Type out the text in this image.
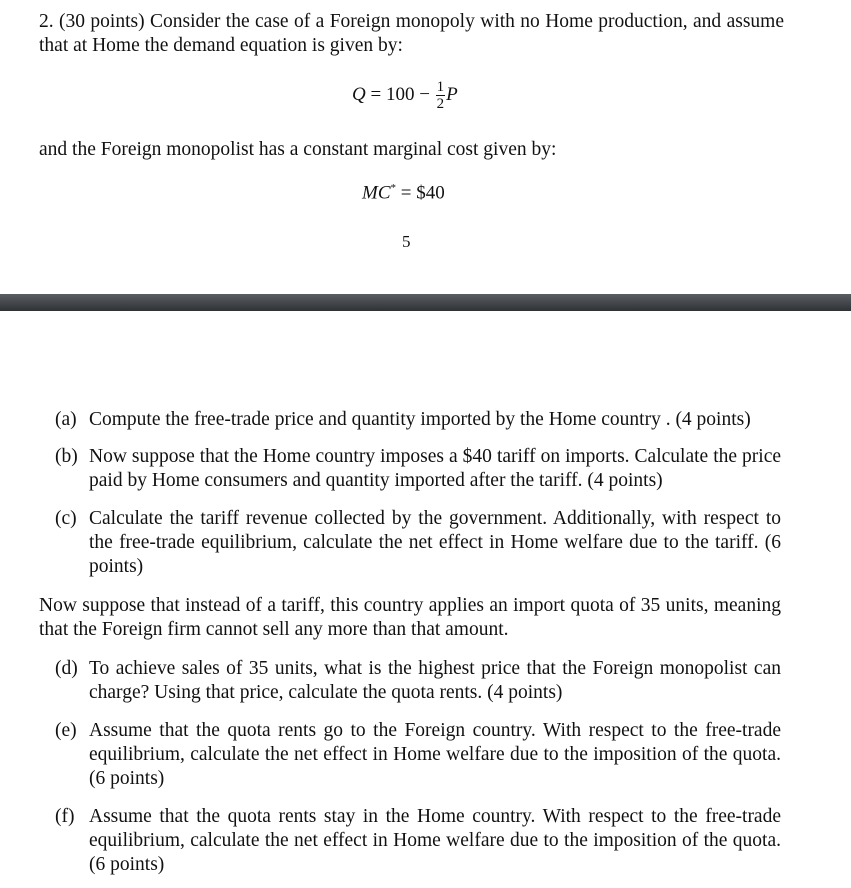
2. (30 points) Consider the case of a Foreign monopoly with no Home production, and assume that at Home the demand equation is given by:
$Q = 100 - \frac{1}{2}$ P
and the Foreign monopolist has a constant marginal cost given by:
MC* = $40
5
(a) Compute the free-trade price and quantity imported by the Home country . (4 points)
(b) Now suppose that the Home country imposes a $40 tariff on imports. Calculate the price paid by Home consumers and quantity imported after the tariff. (4 points)
(c) Calculate the tariff revenue collected by the government. Additionally, with respect to the free-trade equilibrium, calculate the net effect in Home welfare due to the tariff. (6 points)
Now suppose that instead of a tariff, this country applies an import quota of 35 units, meaning that the Foreign firm cannot sell any more than that amount.
(d) To achieve sales of 35 units, what is the highest price that the Foreign monopolist can charge? Using that price, calculate the quota rents. (4 points)
(e) Assume that the quota rents go to the Foreign country. With respect to the free-trade equilibrium, calculate the net effect in Home welfare due to the imposition of the quota. (6 points)
(f) Assume that the quota rents stay in the Home country. With respect to the free-trade equilibrium, calculate the net effect in Home welfare due to the imposition of the quota. (6 points)
